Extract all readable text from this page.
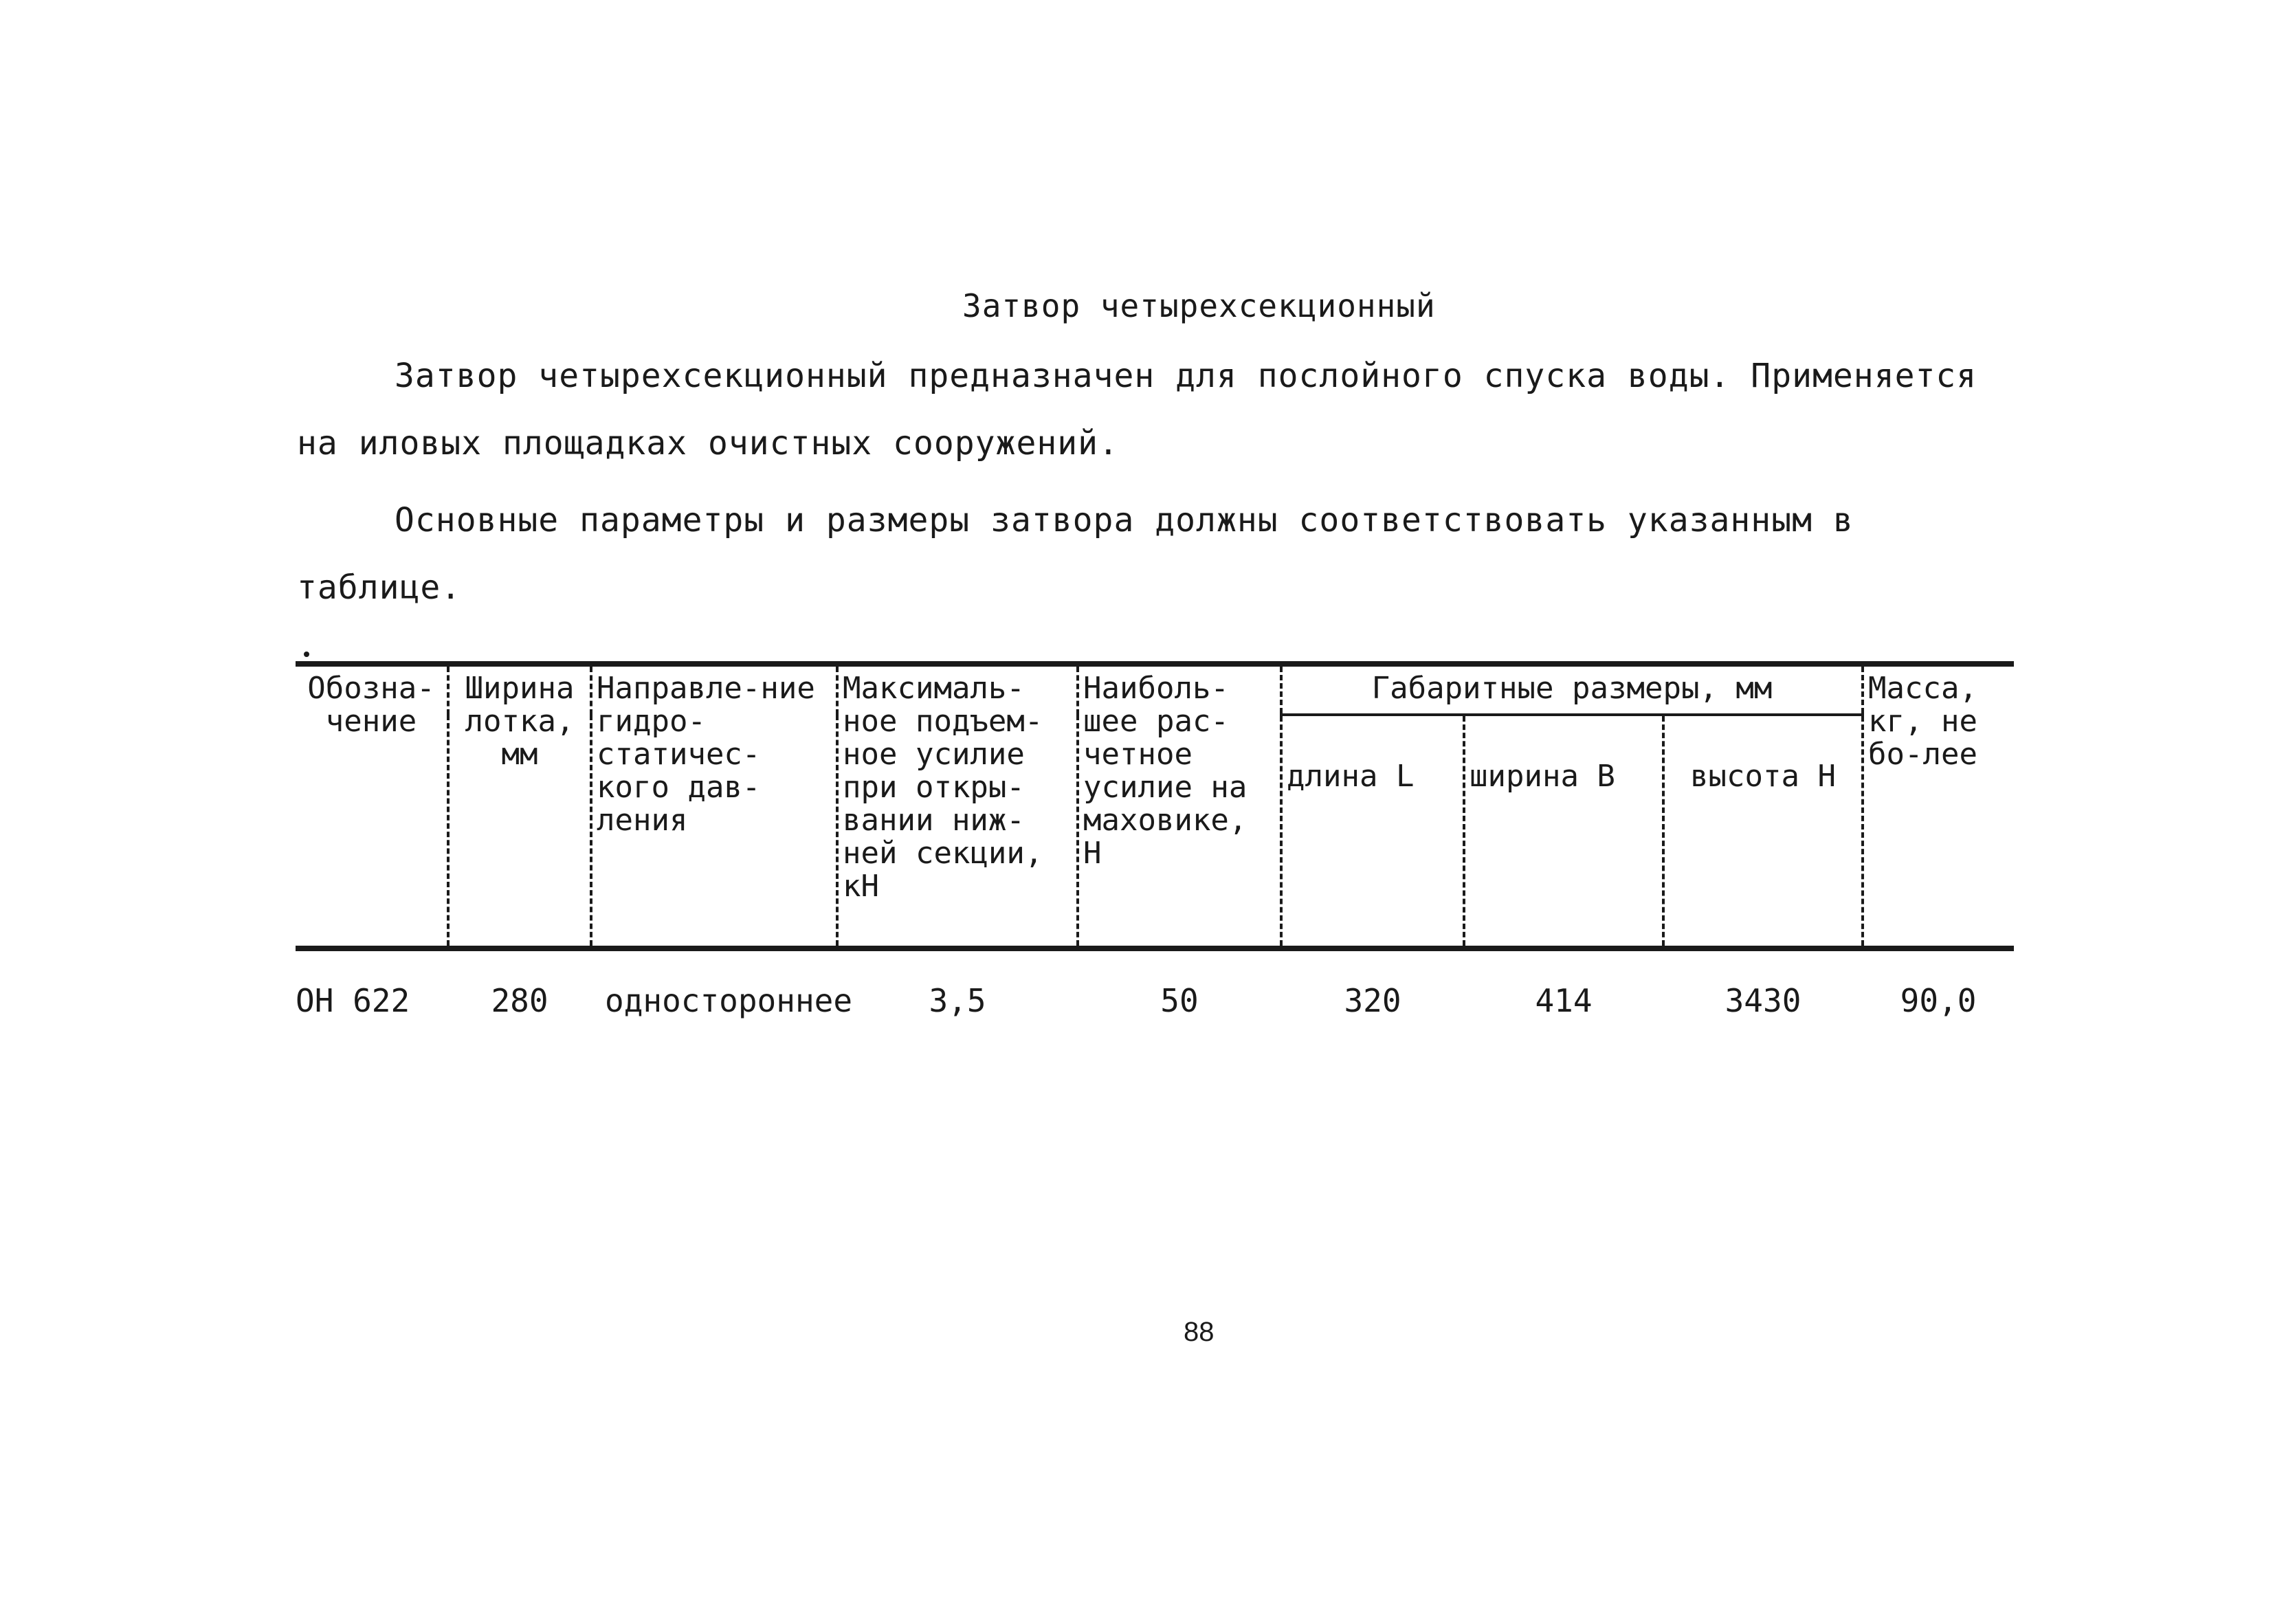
Затвор четырехсекционный
Затвор четырехсекционный предназначен для послойного спуска воды. Применяется на иловых площадках очистных сооружений.
Основные параметры и размеры затвора должны соответствовать указанным в таблице.
Обозна-чение	Ширина лотка, мм	Направле-ние гидро-статичес-кого дав-ления	Максималь-ное подъем-ное усилие при откры-вании ниж-ней секции, кН	Наиболь-шее рас-четное усилие на маховике, Н	Габаритные размеры, мм			Масса, кг, не бо-лее
					длина L	ширина B	высота H	
ОН 622	280	одностороннее	3,5	50	320	414	3430	90,0
88
